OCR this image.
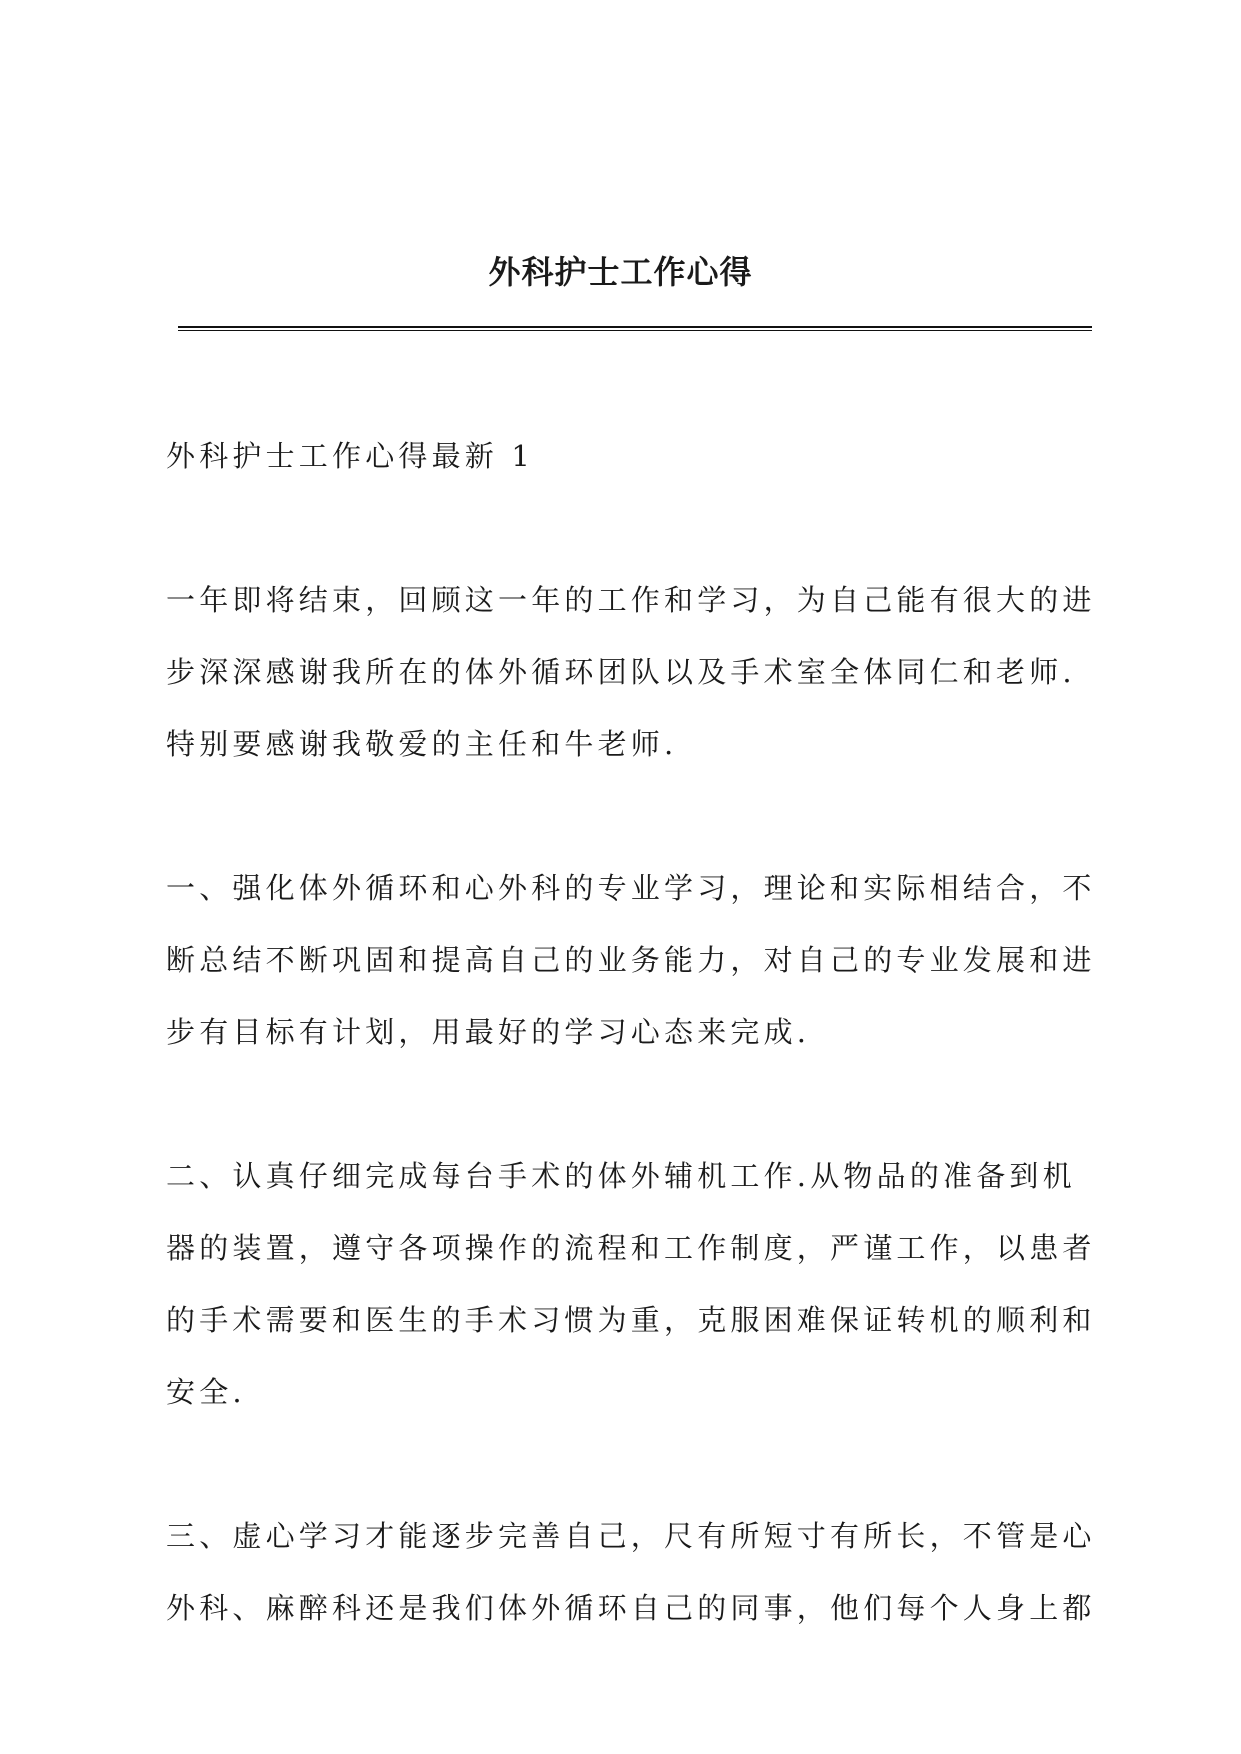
外科护士工作心得

外科护士工作心得最新 1

一年即将结束，回顾这一年的工作和学习，为自己能有很大的进步深深感谢我所在的体外循环团队以及手术室全体同仁和老师.特别要感谢我敬爱的主任和牛老师.

一、强化体外循环和心外科的专业学习，理论和实际相结合，不断总结不断巩固和提高自己的业务能力，对自己的专业发展和进步有目标有计划，用最好的学习心态来完成.

二、认真仔细完成每台手术的体外辅机工作.从物品的准备到机器的装置，遵守各项操作的流程和工作制度，严谨工作，以患者的手术需要和医生的手术习惯为重，克服困难保证转机的顺利和安全.

三、虚心学习才能逐步完善自己，尺有所短寸有所长，不管是心外科、麻醉科还是我们体外循环自己的同事，他们每个人身上都
